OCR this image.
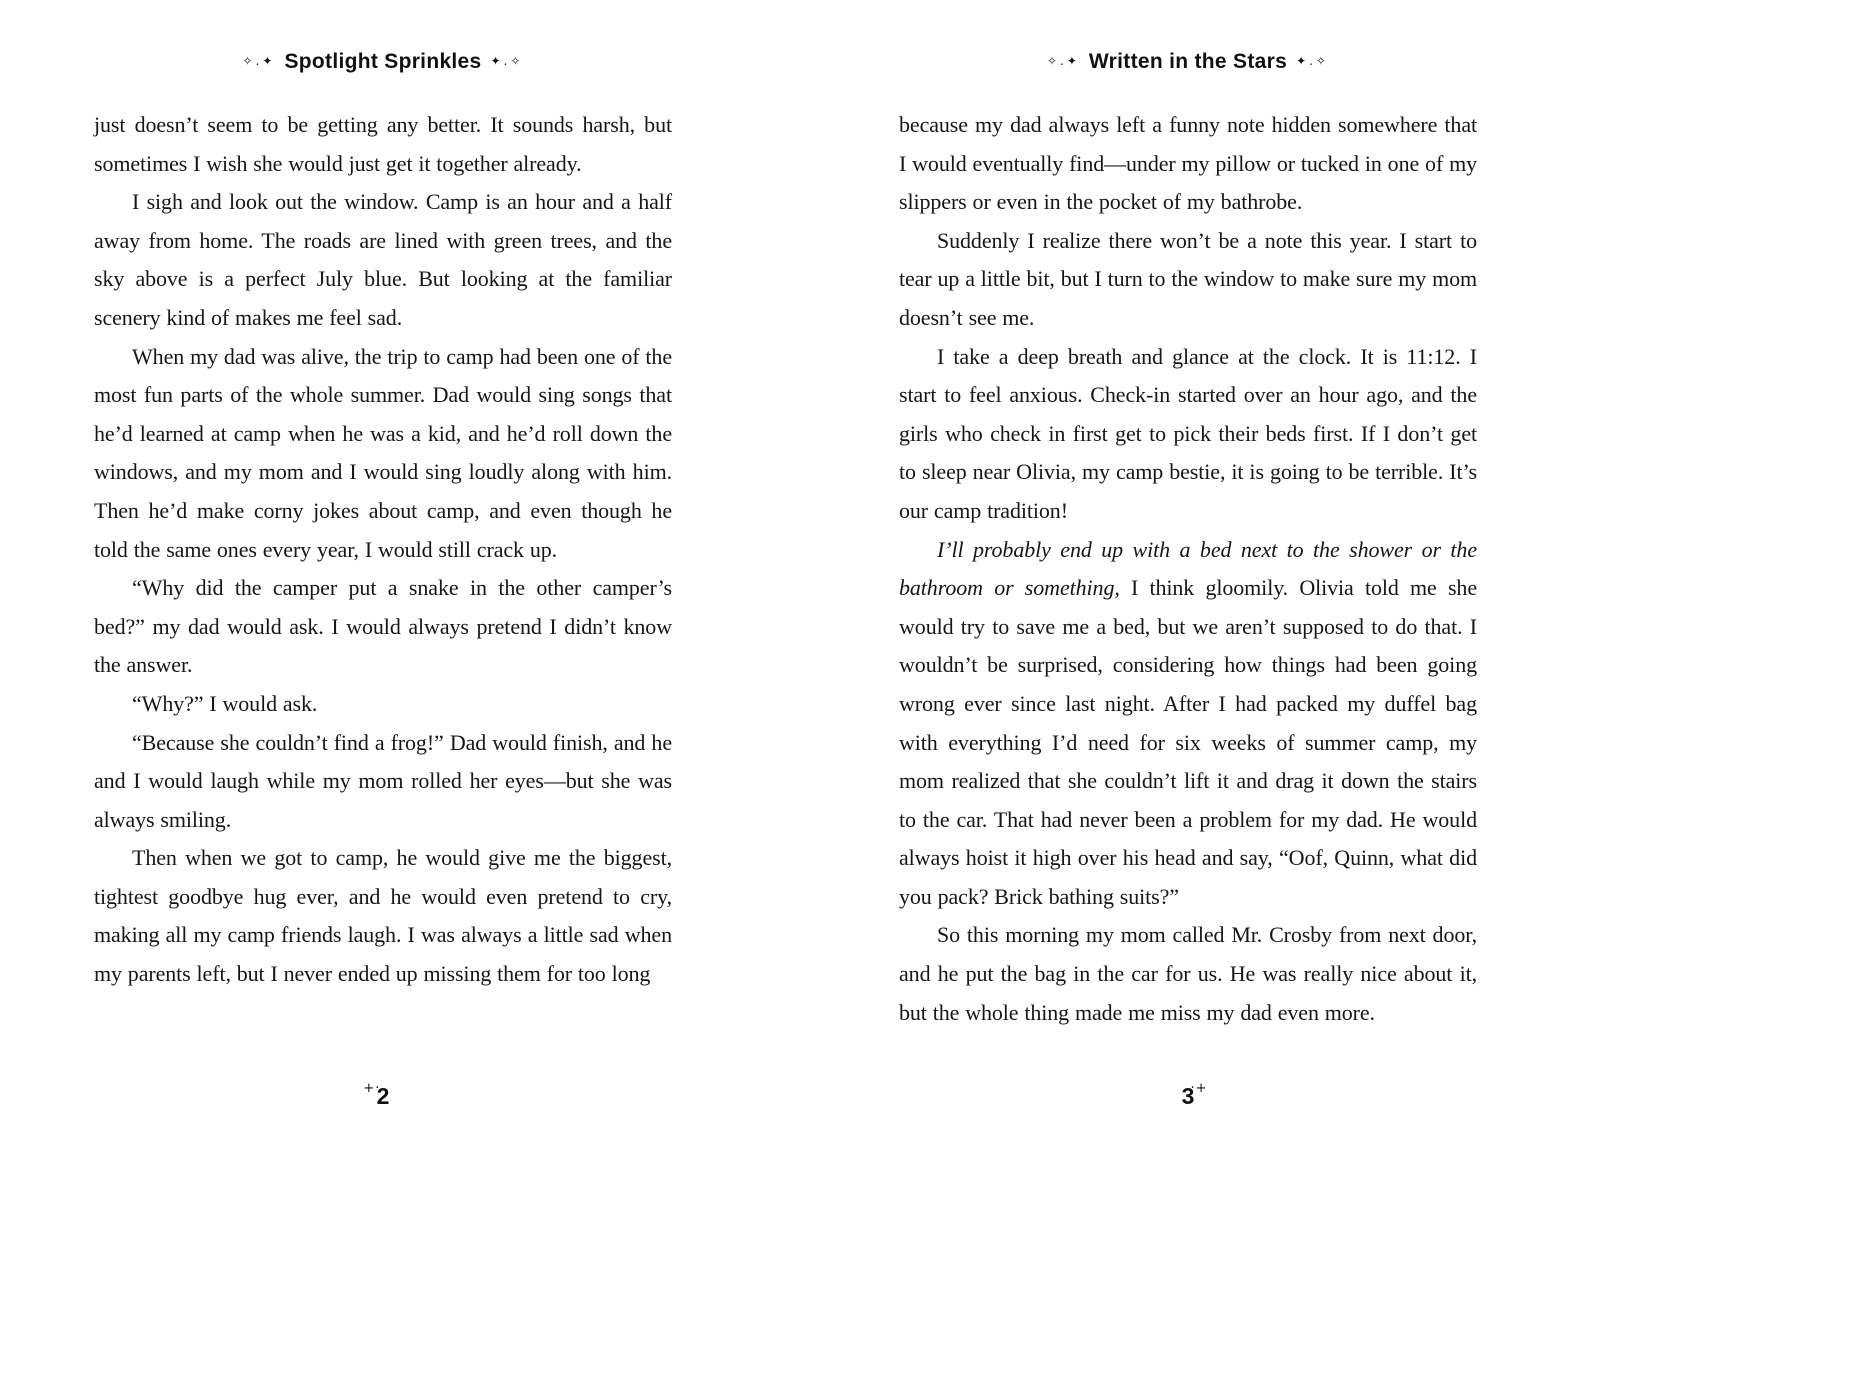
✧.✦ Spotlight Sprinkles ✦.✧

just doesn’t seem to be getting any better. It sounds harsh, but sometimes I wish she would just get it together already.

I sigh and look out the window. Camp is an hour and a half away from home. The roads are lined with green trees, and the sky above is a perfect July blue. But looking at the familiar scenery kind of makes me feel sad.

When my dad was alive, the trip to camp had been one of the most fun parts of the whole summer. Dad would sing songs that he’d learned at camp when he was a kid, and he’d roll down the windows, and my mom and I would sing loudly along with him. Then he’d make corny jokes about camp, and even though he told the same ones every year, I would still crack up.

“Why did the camper put a snake in the other camper’s bed?” my dad would ask. I would always pretend I didn’t know the answer.

“Why?” I would ask.

“Because she couldn’t find a frog!” Dad would finish, and he and I would laugh while my mom rolled her eyes—but she was always smiling.

Then when we got to camp, he would give me the biggest, tightest goodbye hug ever, and he would even pretend to cry, making all my camp friends laugh. I was always a little sad when my parents left, but I never ended up missing them for too long

+·
2
✧.✦ Written in the Stars ✦.✧

because my dad always left a funny note hidden somewhere that I would eventually find—under my pillow or tucked in one of my slippers or even in the pocket of my bathrobe.

Suddenly I realize there won’t be a note this year. I start to tear up a little bit, but I turn to the window to make sure my mom doesn’t see me.

I take a deep breath and glance at the clock. It is 11:12. I start to feel anxious. Check-in started over an hour ago, and the girls who check in first get to pick their beds first. If I don’t get to sleep near Olivia, my camp bestie, it is going to be terrible. It’s our camp tradition!

I’ll probably end up with a bed next to the shower or the bathroom or something, I think gloomily. Olivia told me she would try to save me a bed, but we aren’t supposed to do that. I wouldn’t be surprised, considering how things had been going wrong ever since last night. After I had packed my duffel bag with everything I’d need for six weeks of summer camp, my mom realized that she couldn’t lift it and drag it down the stairs to the car. That had never been a problem for my dad. He would always hoist it high over his head and say, “Oof, Quinn, what did you pack? Brick bathing suits?”

So this morning my mom called Mr. Crosby from next door, and he put the bag in the car for us. He was really nice about it, but the whole thing made me miss my dad even more.

·+
3
